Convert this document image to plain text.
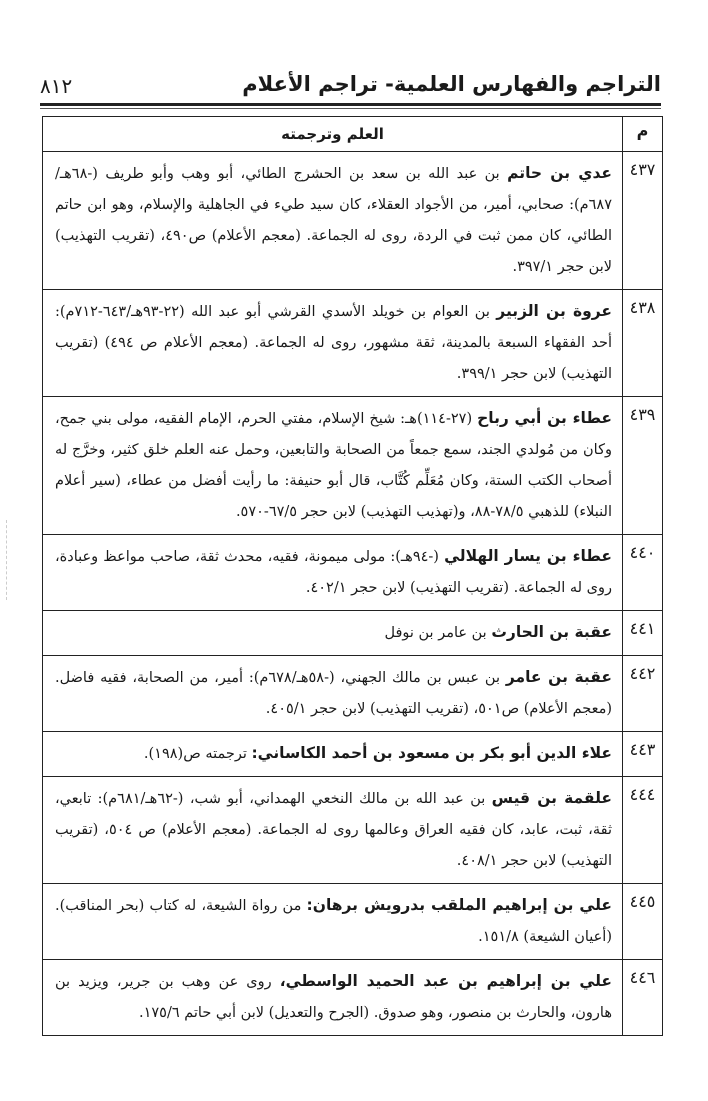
التراجم والفهارس العلمية- تراجم الأعلام
٨١٢
م
العلم وترجمته
٤٣٧
عدي بن حاتم بن عبد الله بن سعد بن الحشرج الطائي، أبو وهب وأبو طريف (-٦٨هـ/ ٦٨٧م): صحابي، أمير، من الأجواد العقلاء، كان سيد طيء في الجاهلية والإسلام، وهو ابن حاتم الطائي، كان ممن ثبت في الردة، روى له الجماعة. (معجم الأعلام) ص٤٩٠، (تقريب التهذيب) لابن حجر ٣٩٧/١.
٤٣٨
عروة بن الزبير بن العوام بن خويلد الأسدي القرشي أبو عبد الله (٢٢-٩٣هـ/٦٤٣-٧١٢م): أحد الفقهاء السبعة بالمدينة، ثقة مشهور، روى له الجماعة. (معجم الأعلام ص ٤٩٤) (تقريب التهذيب) لابن حجر ٣٩٩/١.
٤٣٩
عطاء بن أبي رباح (٢٧-١١٤)هـ: شيخ الإسلام، مفتي الحرم، الإمام الفقيه، مولى بني جمح، وكان من مُولدي الجند، سمع جمعاً من الصحابة والتابعين، وحمل عنه العلم خلق كثير، وخرَّج له أصحاب الكتب الستة، وكان مُعَلِّم كُتَّاب، قال أبو حنيفة: ما رأيت أفضل من عطاء، (سير أعلام النبلاء) للذهبي ٧٨/٥-٨٨، و(تهذيب التهذيب) لابن حجر ٦٧/٥-٥٧٠.
٤٤٠
عطاء بن يسار الهلالي (-٩٤هـ): مولى ميمونة، فقيه، محدث ثقة، صاحب مواعظ وعبادة، روى له الجماعة. (تقريب التهذيب) لابن حجر ٤٠٢/١.
٤٤١
عقبة بن الحارث بن عامر بن نوفل
٤٤٢
عقبة بن عامر بن عبس بن مالك الجهني، (-٥٨هـ/٦٧٨م): أمير، من الصحابة، فقيه فاضل. (معجم الأعلام) ص٥٠١، (تقريب التهذيب) لابن حجر ٤٠٥/١.
٤٤٣
علاء الدين أبو بكر بن مسعود بن أحمد الكاساني: ترجمته ص(١٩٨).
٤٤٤
علقمة بن قيس بن عبد الله بن مالك النخعي الهمداني، أبو شب، (-٦٢هـ/٦٨١م): تابعي، ثقة، ثبت، عابد، كان فقيه العراق وعالمها روى له الجماعة. (معجم الأعلام) ص ٥٠٤، (تقريب التهذيب) لابن حجر ٤٠٨/١.
٤٤٥
علي بن إبراهيم الملقب بدرويش برهان: من رواة الشيعة، له كتاب (بحر المناقب). (أعيان الشيعة) ١٥١/٨.
٤٤٦
علي بن إبراهيم بن عبد الحميد الواسطي، روى عن وهب بن جرير، ويزيد بن هارون، والحارث بن منصور، وهو صدوق. (الجرح والتعديل) لابن أبي حاتم ١٧٥/٦.
